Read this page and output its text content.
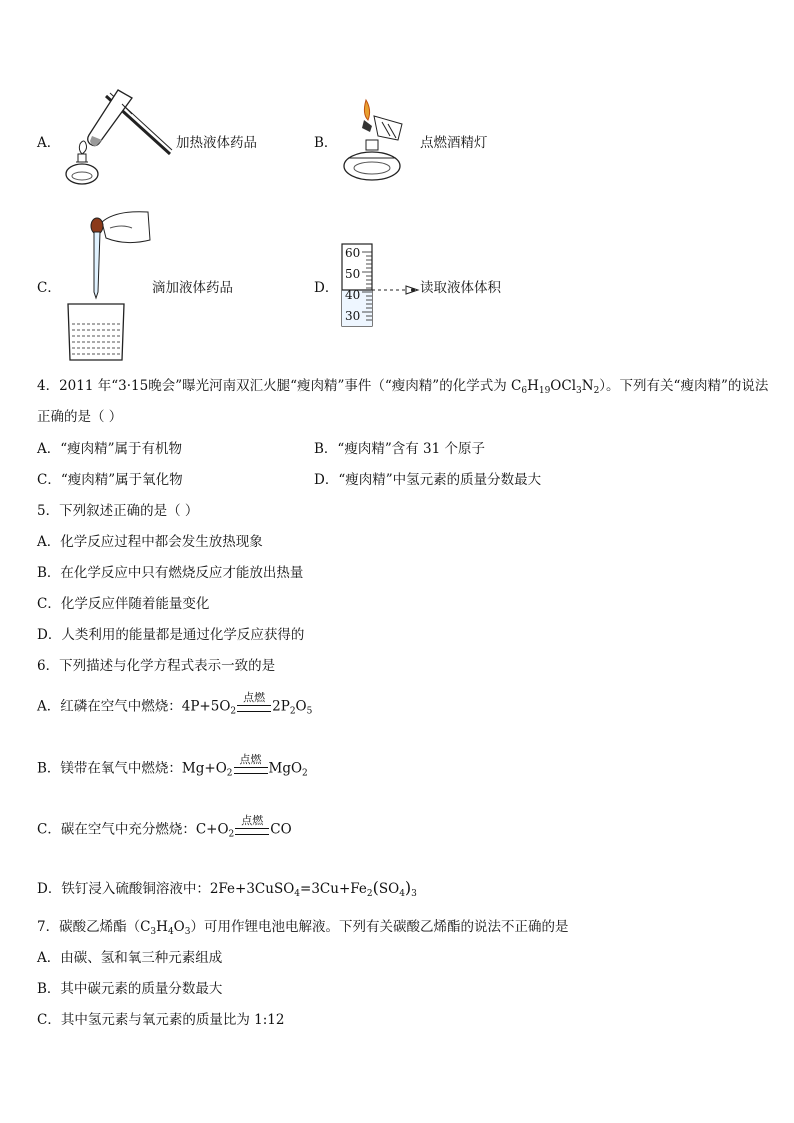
A．	加热液体药品	B．	点燃酒精灯
C．	滴加液体药品	D．
60
50
40
30
读取液体体积
4．2011 年“3·15晚会”曝光河南双汇火腿“瘦肉精”事件（“瘦肉精”的化学式为 $C_6H_{19}OCl_3N_2$）。下列有关“瘦肉精”的说法
正确的是（ ）
A．“瘦肉精”属于有机物	B．“瘦肉精”含有 31 个原子
C．“瘦肉精”属于氧化物	D．“瘦肉精”中氢元素的质量分数最大
5．下列叙述正确的是（ ）
A．化学反应过程中都会发生放热现象
B．在化学反应中只有燃烧反应才能放出热量
C．化学反应伴随着能量变化
D．人类利用的能量都是通过化学反应获得的
6．下列描述与化学方程式表示一致的是
A．红磷在空气中燃烧：$4P+5O_2$
点燃
$2P_2O_5$
B．镁带在氧气中燃烧：$Mg+O_2$
点燃
MgO$_2$
C．碳在空气中充分燃烧：$C+O_2$
点燃
CO
D．铁钉浸入硫酸铜溶液中：$2Fe+3CuSO_4=3Cu+Fe_2(SO_4)_3$
7．碳酸乙烯酯$(C_3H_4O_3)$可用作锂电池电解液。下列有关碳酸乙烯酯的说法不正确的是
A．由碳、氢和氧三种元素组成
B．其中碳元素的质量分数最大
C．其中氢元素与氧元素的质量比为 1:12
